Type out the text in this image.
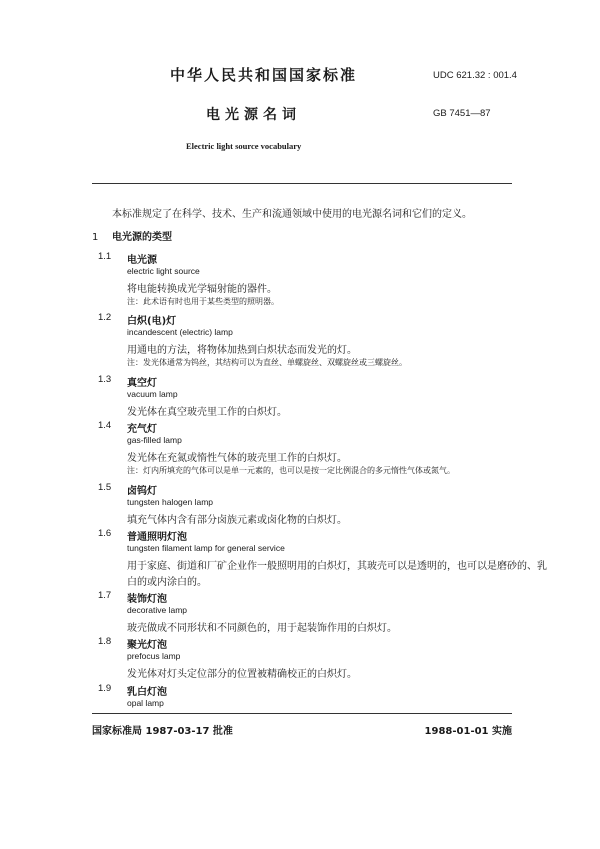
中华人民共和国国家标准	UDC 621.32 : 001.4
电光源名词	GB 7451—87
Electric light source vocabulary
本标准规定了在科学、技术、生产和流通领域中使用的电光源名词和它们的定义。
1 电光源的类型
1.1 电光源
electric light source
将电能转换成光学辐射能的器件。
注：此术语有时也用于某些类型的照明器。
1.2 白炽(电)灯
incandescent (electric) lamp
用通电的方法，将物体加热到白炽状态而发光的灯。
注：发光体通常为钨丝，其结构可以为直丝、单螺旋丝、双螺旋丝或三螺旋丝。
1.3 真空灯
vacuum lamp
发光体在真空玻壳里工作的白炽灯。
1.4 充气灯
gas-filled lamp
发光体在充氮或惰性气体的玻壳里工作的白炽灯。
注：灯内所填充的气体可以是单一元素的，也可以是按一定比例混合的多元惰性气体或氮气。
1.5 卤钨灯
tungsten halogen lamp
填充气体内含有部分卤族元素或卤化物的白炽灯。
1.6 普通照明灯泡
tungsten filament lamp for general service
用于家庭、街道和厂矿企业作一般照明用的白炽灯，其玻壳可以是透明的，也可以是磨砂的、乳
白的或内涂白的。
1.7 装饰灯泡
decorative lamp
玻壳做成不同形状和不同颜色的，用于起装饰作用的白炽灯。
1.8 聚光灯泡
prefocus lamp
发光体对灯头定位部分的位置被精确校正的白炽灯。
1.9 乳白灯泡
opal lamp
国家标准局 1987-03-17 批准	1988-01-01 实施
